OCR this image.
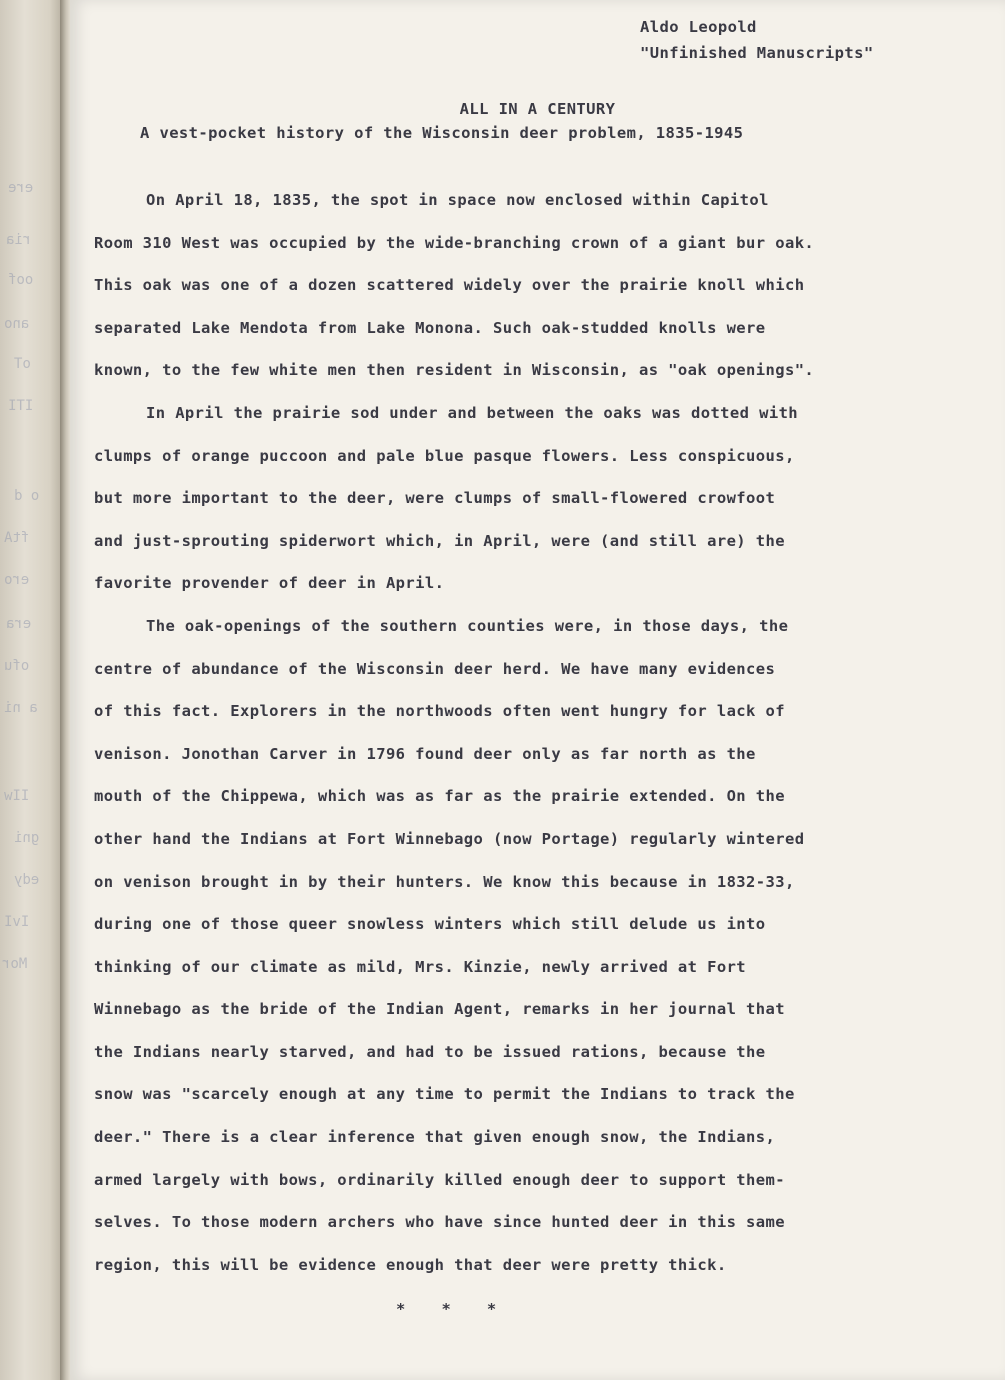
ere
ria
oof
ano
oT
ITI
o d
ftA
ero
era
ofu
a ni
IIw
gni
edy
IvI
Mor
Aldo Leopold
"Unfinished Manuscripts"
ALL IN A CENTURY
A vest-pocket history of the Wisconsin deer problem, 1835-1945
On April 18, 1835, the spot in space now enclosed within Capitol
Room 310 West was occupied by the wide-branching crown of a giant bur oak.
This oak was one of a dozen scattered widely over the prairie knoll which
separated Lake Mendota from Lake Monona. Such oak-studded knolls were
known, to the few white men then resident in Wisconsin, as "oak openings".
In April the prairie sod under and between the oaks was dotted with
clumps of orange puccoon and pale blue pasque flowers. Less conspicuous,
but more important to the deer, were clumps of small-flowered crowfoot
and just-sprouting spiderwort which, in April, were (and still are) the
favorite provender of deer in April.
The oak-openings of the southern counties were, in those days, the
centre of abundance of the Wisconsin deer herd. We have many evidences
of this fact. Explorers in the northwoods often went hungry for lack of
venison. Jonothan Carver in 1796 found deer only as far north as the
mouth of the Chippewa, which was as far as the prairie extended. On the
other hand the Indians at Fort Winnebago (now Portage) regularly wintered
on venison brought in by their hunters. We know this because in 1832-33,
during one of those queer snowless winters which still delude us into
thinking of our climate as mild, Mrs. Kinzie, newly arrived at Fort
Winnebago as the bride of the Indian Agent, remarks in her journal that
the Indians nearly starved, and had to be issued rations, because the
snow was "scarcely enough at any time to permit the Indians to track the
deer." There is a clear inference that given enough snow, the Indians,
armed largely with bows, ordinarily killed enough deer to support them-
selves. To those modern archers who have since hunted deer in this same
region, this will be evidence enough that deer were pretty thick.
* * *
